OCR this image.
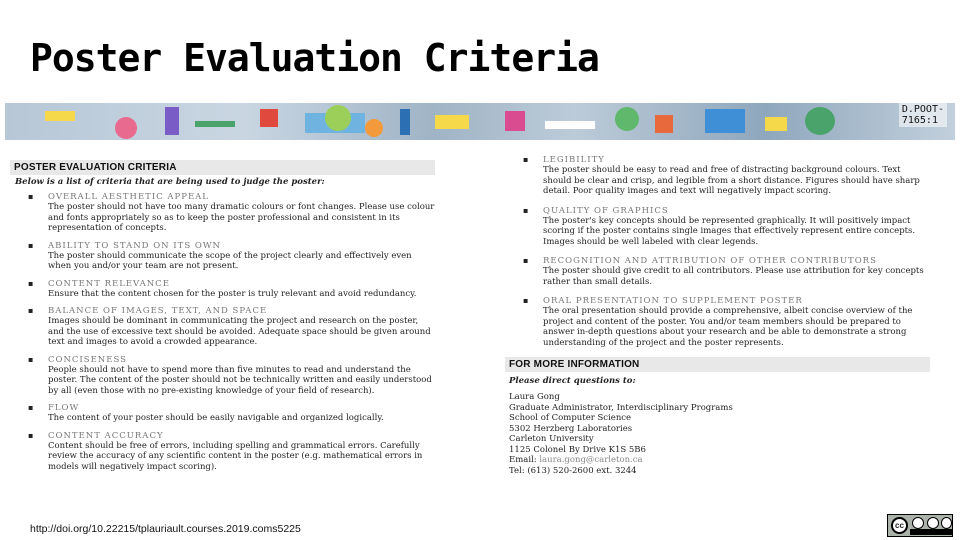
Poster Evaluation Criteria
D.POOT-
7165:1
POSTER EVALUATION CRITERIA
Below is a list of criteria that are being used to judge the poster:
▪ OVERALL AESTHETIC APPEAL
The poster should not have too many dramatic colours or font changes. Please use colour and fonts appropriately so as to keep the poster professional and consistent in its representation of concepts.
▪ ABILITY TO STAND ON ITS OWN
The poster should communicate the scope of the project clearly and effectively even when you and/or your team are not present.
▪ CONTENT RELEVANCE
Ensure that the content chosen for the poster is truly relevant and avoid redundancy.
▪ BALANCE OF IMAGES, TEXT, AND SPACE
Images should be dominant in communicating the project and research on the poster, and the use of excessive text should be avoided. Adequate space should be given around text and images to avoid a crowded appearance.
▪ CONCISENESS
People should not have to spend more than five minutes to read and understand the poster. The content of the poster should not be technically written and easily understood by all (even those with no pre-existing knowledge of your field of research).
▪ FLOW
The content of your poster should be easily navigable and organized logically.
▪ CONTENT ACCURACY
Content should be free of errors, including spelling and grammatical errors. Carefully review the accuracy of any scientific content in the poster (e.g. mathematical errors in models will negatively impact scoring).
▪ LEGIBILITY
The poster should be easy to read and free of distracting background colours. Text should be clear and crisp, and legible from a short distance. Figures should have sharp detail. Poor quality images and text will negatively impact scoring.
▪ QUALITY OF GRAPHICS
The poster's key concepts should be represented graphically. It will positively impact scoring if the poster contains single images that effectively represent entire concepts. Images should be well labeled with clear legends.
▪ RECOGNITION AND ATTRIBUTION OF OTHER CONTRIBUTORS
The poster should give credit to all contributors. Please use attribution for key concepts rather than small details.
▪ ORAL PRESENTATION TO SUPPLEMENT POSTER
The oral presentation should provide a comprehensive, albeit concise overview of the project and content of the poster. You and/or team members should be prepared to answer in-depth questions about your research and be able to demonstrate a strong understanding of the project and the poster represents.
FOR MORE INFORMATION
Please direct questions to:
Laura Gong
Graduate Administrator, Interdisciplinary Programs
School of Computer Science
5302 Herzberg Laboratories
Carleton University
1125 Colonel By Drive K1S 5B6
Email: laura.gong@carleton.ca
Tel: (613) 520-2600 ext. 3244

http://doi.org/10.22215/tplauriault.courses.2019.coms5225	cc
